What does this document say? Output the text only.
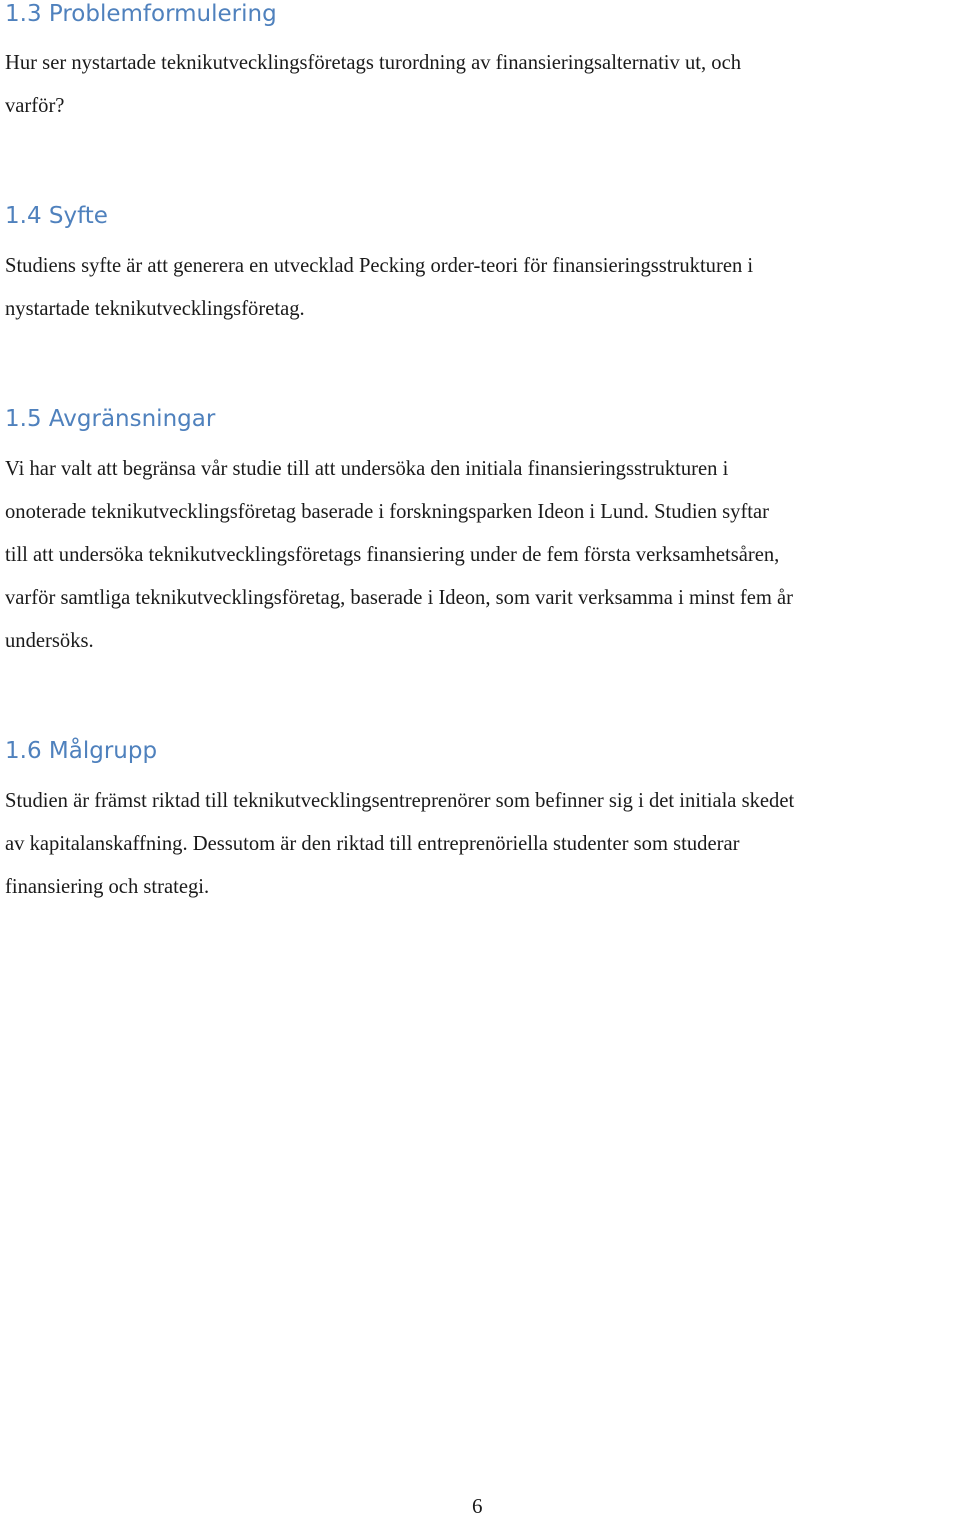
1.3 Problemformulering

Hur ser nystartade teknikutvecklingsföretags turordning av finansieringsalternativ ut, och
varför?

1.4 Syfte

Studiens syfte är att generera en utvecklad Pecking order-teori för finansieringsstrukturen i
nystartade teknikutvecklingsföretag.

1.5 Avgränsningar

Vi har valt att begränsa vår studie till att undersöka den initiala finansieringsstrukturen i
onoterade teknikutvecklingsföretag baserade i forskningsparken Ideon i Lund. Studien syftar
till att undersöka teknikutvecklingsföretags finansiering under de fem första verksamhetsåren,
varför samtliga teknikutvecklingsföretag, baserade i Ideon, som varit verksamma i minst fem år
undersöks.

1.6 Målgrupp

Studien är främst riktad till teknikutvecklingsentreprenörer som befinner sig i det initiala skedet
av kapitalanskaffning. Dessutom är den riktad till entreprenöriella studenter som studerar
finansiering och strategi.

6
